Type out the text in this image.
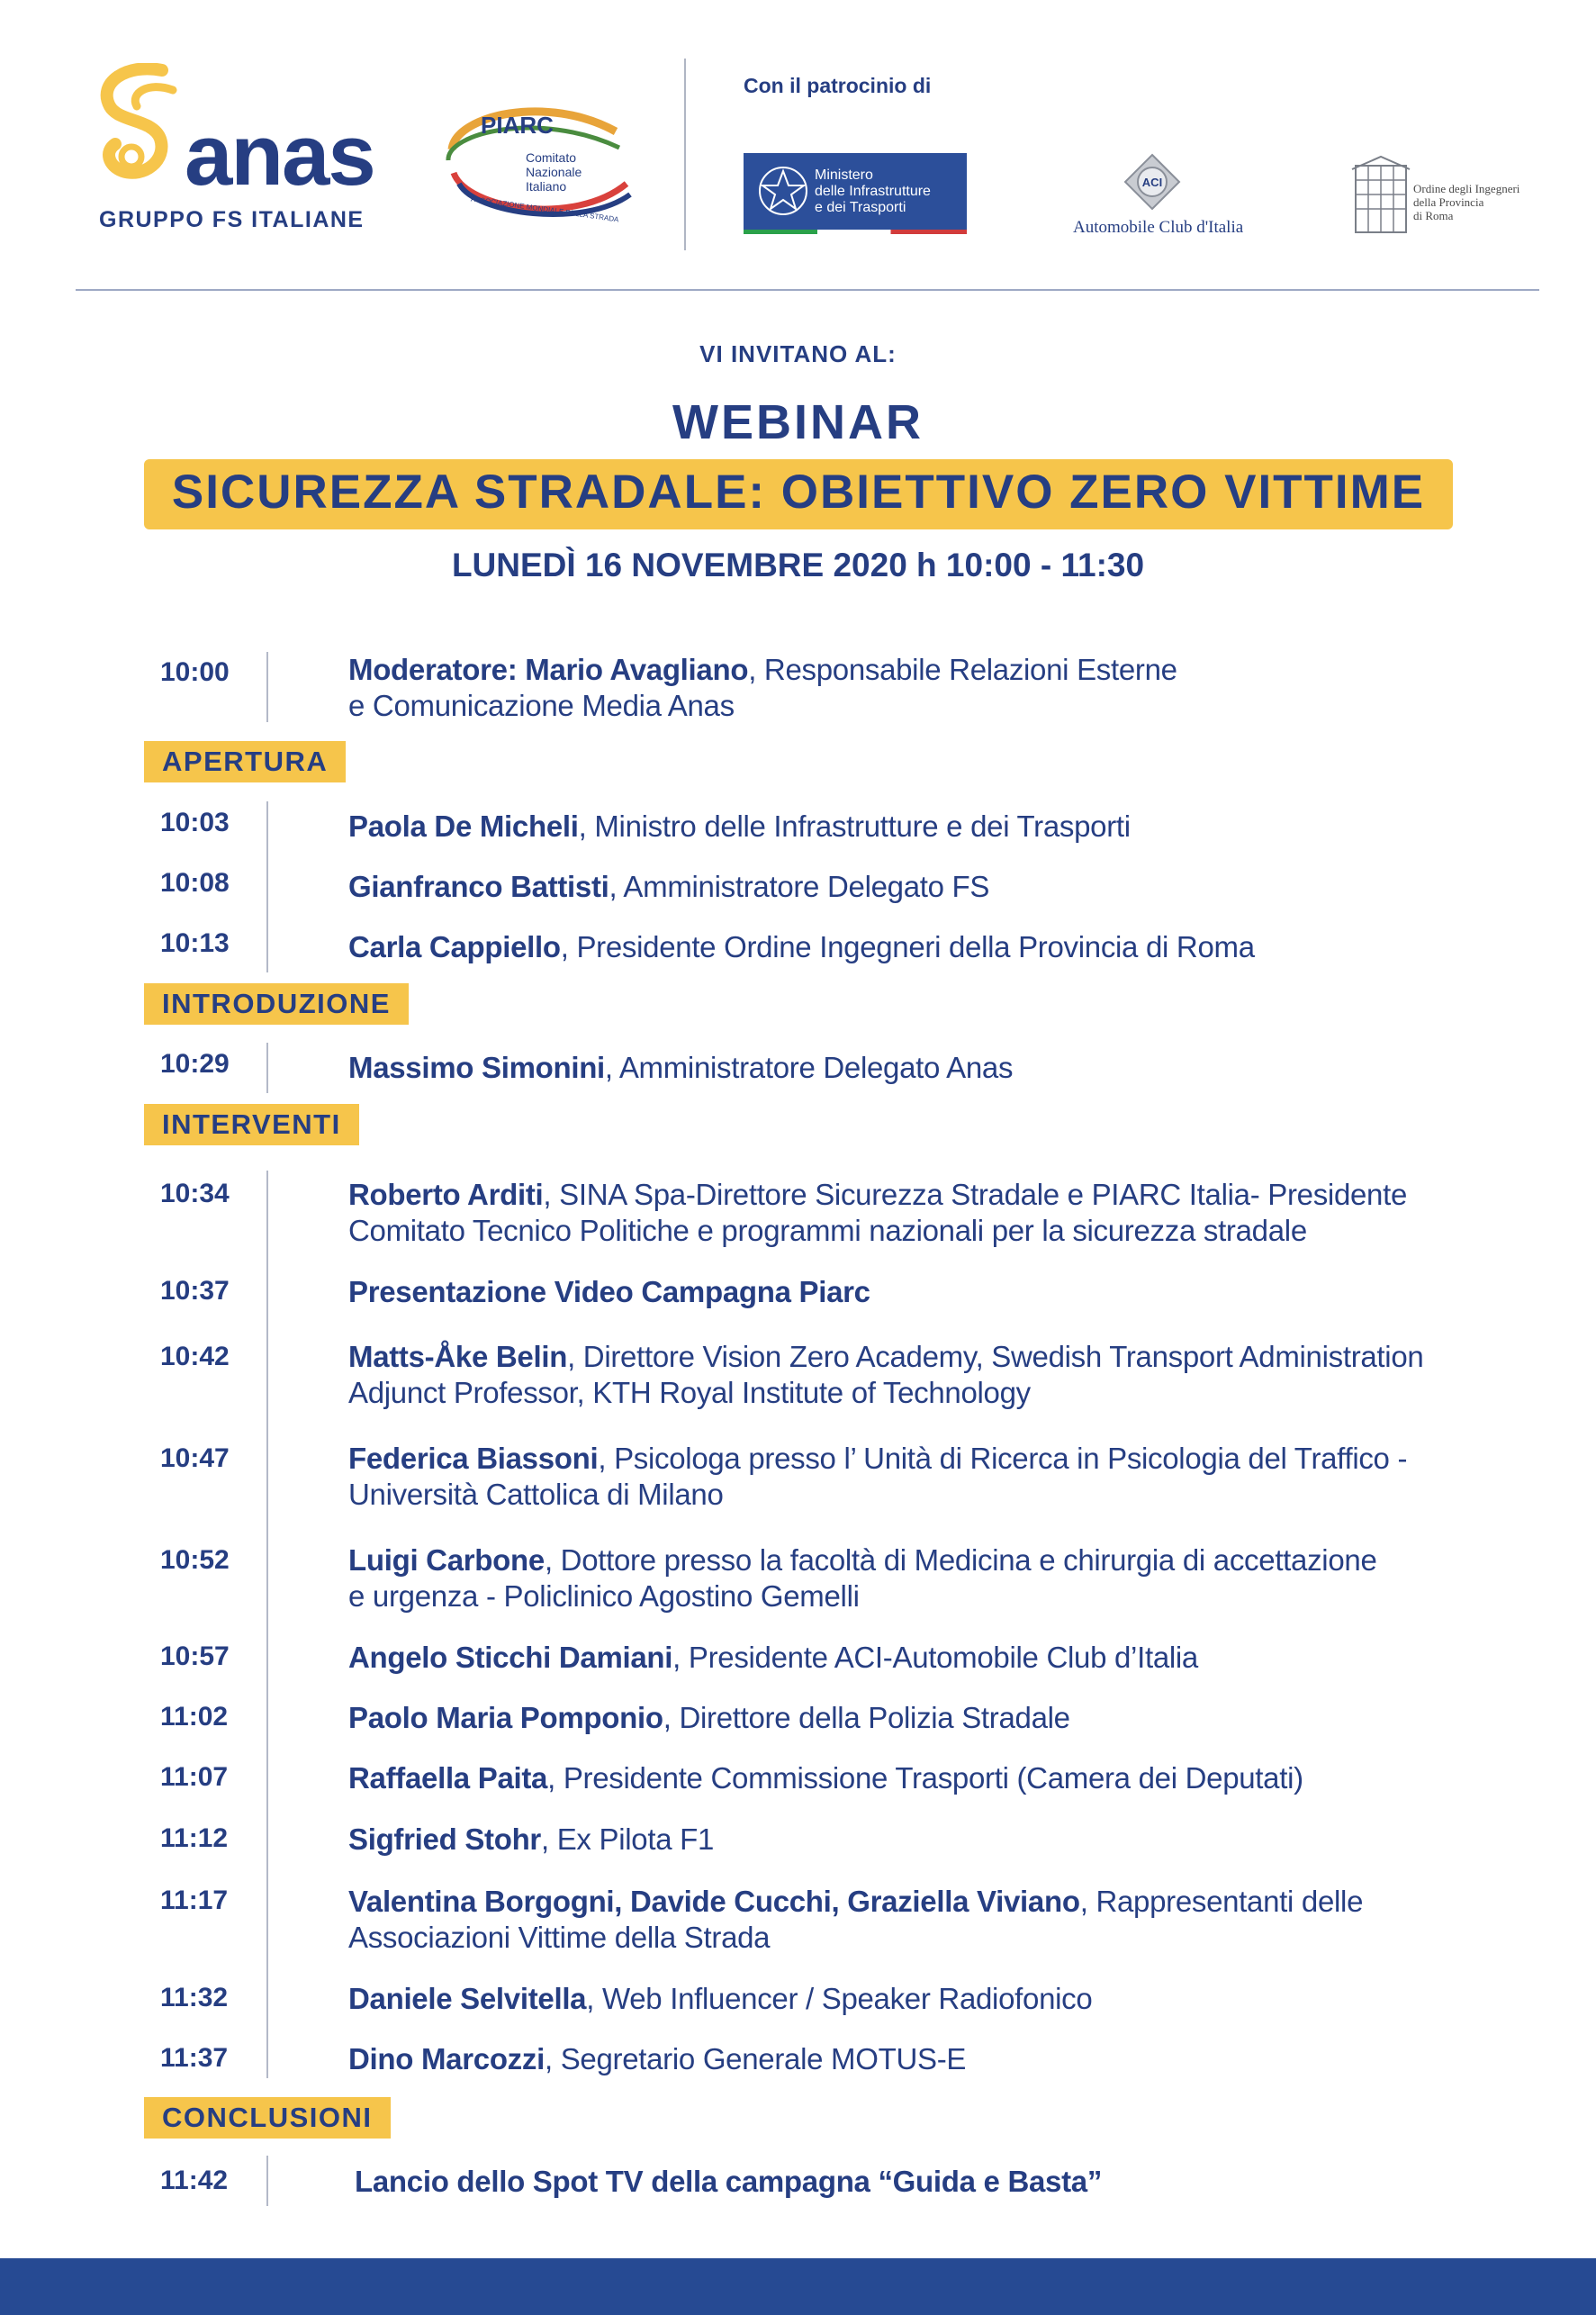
anas
GRUPPO FS ITALIANE
PIARC
Comitato
Nazionale
Italiano
ASSOCIAZIONE MONDIALE DELLA STRADA
Con il patrocinio di
Ministero
delle Infrastrutture
e dei Trasporti
ACI
Automobile Club d'Italia
Ordine degli Ingegneri
della Provincia
di Roma
VI INVITANO AL:
WEBINAR
SICUREZZA STRADALE: OBIETTIVO ZERO VITTIME
LUNEDÌ 16 NOVEMBRE 2020 h 10:00 - 11:30
10:00	Moderatore: Mario Avagliano, Responsabile Relazioni Esterne
e Comunicazione Media Anas
APERTURA
10:03	Paola De Micheli, Ministro delle Infrastrutture e dei Trasporti
10:08	Gianfranco Battisti, Amministratore Delegato FS
10:13	Carla Cappiello, Presidente Ordine Ingegneri della Provincia di Roma
INTRODUZIONE
10:29	Massimo Simonini, Amministratore Delegato Anas
INTERVENTI
10:34	Roberto Arditi, SINA Spa-Direttore Sicurezza Stradale e PIARC Italia- Presidente
Comitato Tecnico Politiche e programmi nazionali per la sicurezza stradale
10:37	Presentazione Video Campagna Piarc
10:42	Matts-Åke Belin, Direttore Vision Zero Academy, Swedish Transport Administration
Adjunct Professor, KTH Royal Institute of Technology
10:47	Federica Biassoni, Psicologa presso l’ Unità di Ricerca in Psicologia del Traffico -
Università Cattolica di Milano
10:52	Luigi Carbone, Dottore presso la facoltà di Medicina e chirurgia di accettazione
e urgenza - Policlinico Agostino Gemelli
10:57	Angelo Sticchi Damiani, Presidente ACI-Automobile Club d’Italia
11:02	Paolo Maria Pomponio, Direttore della Polizia Stradale
11:07	Raffaella Paita, Presidente Commissione Trasporti (Camera dei Deputati)
11:12	Sigfried Stohr, Ex Pilota F1
11:17	Valentina Borgogni, Davide Cucchi, Graziella Viviano, Rappresentanti delle
Associazioni Vittime della Strada
11:32	Daniele Selvitella, Web Influencer / Speaker Radiofonico
11:37	Dino Marcozzi, Segretario Generale MOTUS-E
CONCLUSIONI
11:42	Lancio dello Spot TV della campagna “Guida e Basta”
